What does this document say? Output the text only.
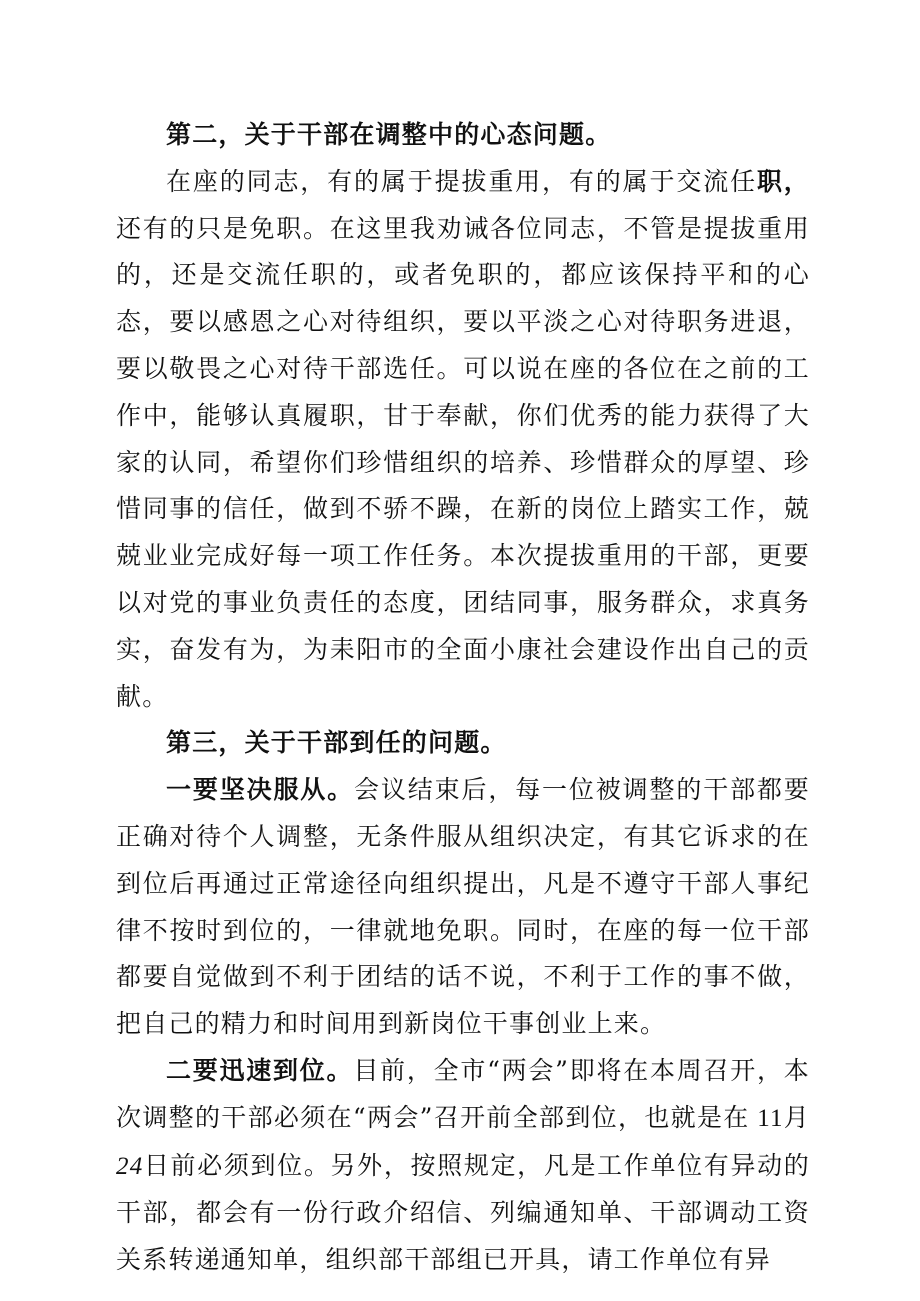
第二，关于干部在调整中的心态问题。

在座的同志，有的属于提拔重用，有的属于交流任职，还有的只是免职。在这里我劝诫各位同志，不管是提拔重用的，还是交流任职的，或者免职的，都应该保持平和的心态，要以感恩之心对待组织，要以平淡之心对待职务进退，要以敬畏之心对待干部选任。可以说在座的各位在之前的工作中，能够认真履职，甘于奉献，你们优秀的能力获得了大家的认同，希望你们珍惜组织的培养、珍惜群众的厚望、珍惜同事的信任，做到不骄不躁，在新的岗位上踏实工作，兢兢业业完成好每一项工作任务。本次提拔重用的干部，更要以对党的事业负责任的态度，团结同事，服务群众，求真务实，奋发有为，为耒阳市的全面小康社会建设作出自己的贡献。

第三，关于干部到任的问题。

一要坚决服从。会议结束后，每一位被调整的干部都要正确对待个人调整，无条件服从组织决定，有其它诉求的在到位后再通过正常途径向组织提出，凡是不遵守干部人事纪律不按时到位的，一律就地免职。同时，在座的每一位干部都要自觉做到不利于团结的话不说，不利于工作的事不做，把自己的精力和时间用到新岗位干事创业上来。

二要迅速到位。目前，全市“两会”即将在本周召开，本次调整的干部必须在“两会”召开前全部到位，也就是在 11月24日前必须到位。另外，按照规定，凡是工作单位有异动的干部，都会有一份行政介绍信、列编通知单、干部调动工资关系转递通知单，组织部干部组已开具，请工作单位有异
